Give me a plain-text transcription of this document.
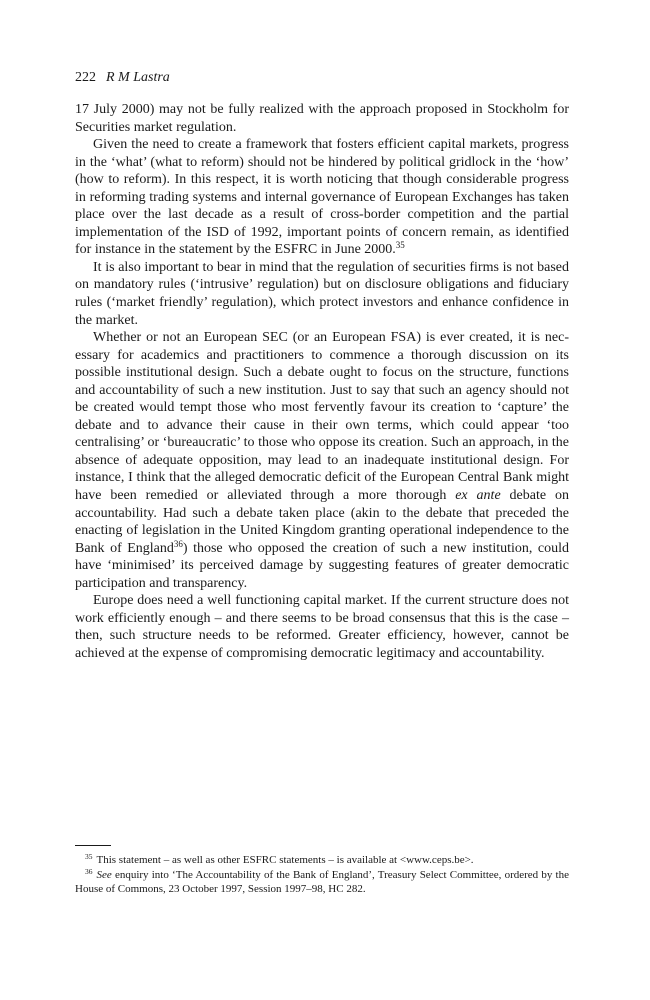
222 R M Lastra

17 July 2000) may not be fully realized with the approach proposed in Stockholm for Securities market regulation.

Given the need to create a framework that fosters efficient capital markets, progress in the ‘what’ (what to reform) should not be hindered by political gridlock in the ‘how’ (how to reform). In this respect, it is worth noticing that though considerable progress in reforming trading systems and internal governance of European Exchanges has taken place over the last decade as a result of cross-border competition and the partial implementation of the ISD of 1992, important points of concern remain, as identified for instance in the statement by the ESFRC in June 2000.35

It is also important to bear in mind that the regulation of securities firms is not based on mandatory rules (‘intrusive’ regulation) but on disclosure obligations and fiduciary rules (‘market friendly’ regulation), which protect investors and enhance confidence in the market.

Whether or not an European SEC (or an European FSA) is ever created, it is necessary for academics and practitioners to commence a thorough discussion on its possible institutional design. Such a debate ought to focus on the structure, functions and accountability of such a new institution. Just to say that such an agency should not be created would tempt those who most fervently favour its creation to ‘capture’ the debate and to advance their cause in their own terms, which could appear ‘too centralising’ or ‘bureaucratic’ to those who oppose its creation. Such an approach, in the absence of adequate opposition, may lead to an inadequate institutional design. For instance, I think that the alleged democratic deficit of the European Central Bank might have been remedied or alleviated through a more thorough ex ante debate on accountability. Had such a debate taken place (akin to the debate that preceded the enacting of legislation in the United Kingdom granting operational independence to the Bank of England$^{36}$) those who opposed the creation of such a new institution, could have ‘minimised’ its perceived damage by suggesting features of greater democratic participation and transparency.

Europe does need a well functioning capital market. If the current structure does not work efficiently enough – and there seems to be broad consensus that this is the case – then, such structure needs to be reformed. Greater efficiency, however, cannot be achieved at the expense of compromising democratic legitimacy and accountability.

$^{35}$ This statement – as well as other ESFRC statements – is available at <www.ceps.be>.

$^{36}$ See enquiry into ‘The Accountability of the Bank of England’, Treasury Select Committee, ordered by the House of Commons, 23 October 1997, Session 1997–98, HC 282.
